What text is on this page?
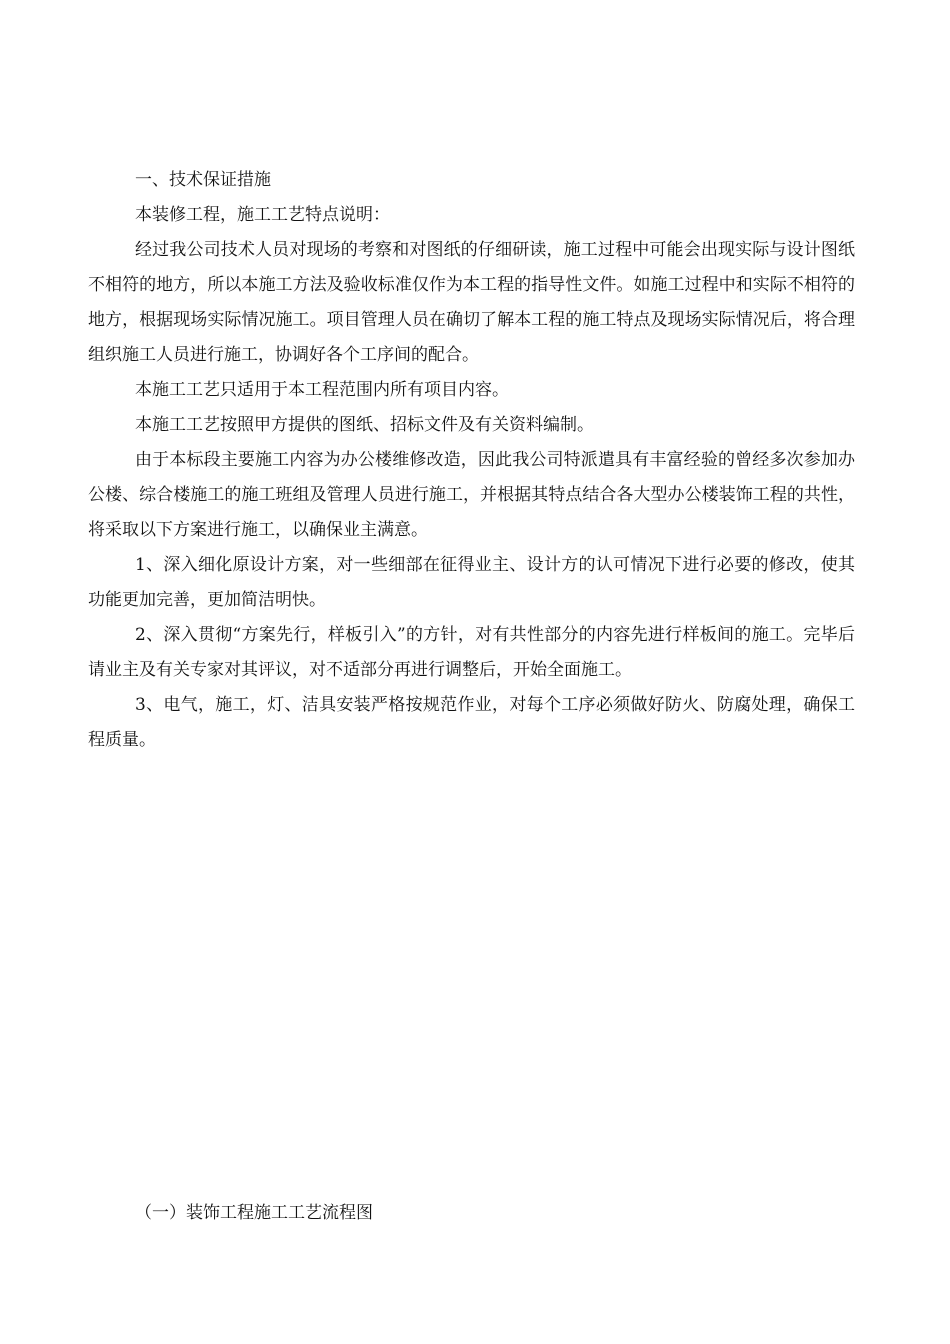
一、技术保证措施

本装修工程，施工工艺特点说明：

经过我公司技术人员对现场的考察和对图纸的仔细研读，施工过程中可能会出现实际与设计图纸不相符的地方，所以本施工方法及验收标准仅作为本工程的指导性文件。如施工过程中和实际不相符的地方，根据现场实际情况施工。项目管理人员在确切了解本工程的施工特点及现场实际情况后，将合理组织施工人员进行施工，协调好各个工序间的配合。

本施工工艺只适用于本工程范围内所有项目内容。

本施工工艺按照甲方提供的图纸、招标文件及有关资料编制。

由于本标段主要施工内容为办公楼维修改造，因此我公司特派遣具有丰富经验的曾经多次参加办公楼、综合楼施工的施工班组及管理人员进行施工，并根据其特点结合各大型办公楼装饰工程的共性，将采取以下方案进行施工，以确保业主满意。

1、深入细化原设计方案，对一些细部在征得业主、设计方的认可情况下进行必要的修改，使其功能更加完善，更加简洁明快。

2、深入贯彻“方案先行，样板引入”的方针，对有共性部分的内容先进行样板间的施工。完毕后请业主及有关专家对其评议，对不适部分再进行调整后，开始全面施工。

3、电气，施工，灯、洁具安装严格按规范作业，对每个工序必须做好防火、防腐处理，确保工程质量。

（一）装饰工程施工工艺流程图
